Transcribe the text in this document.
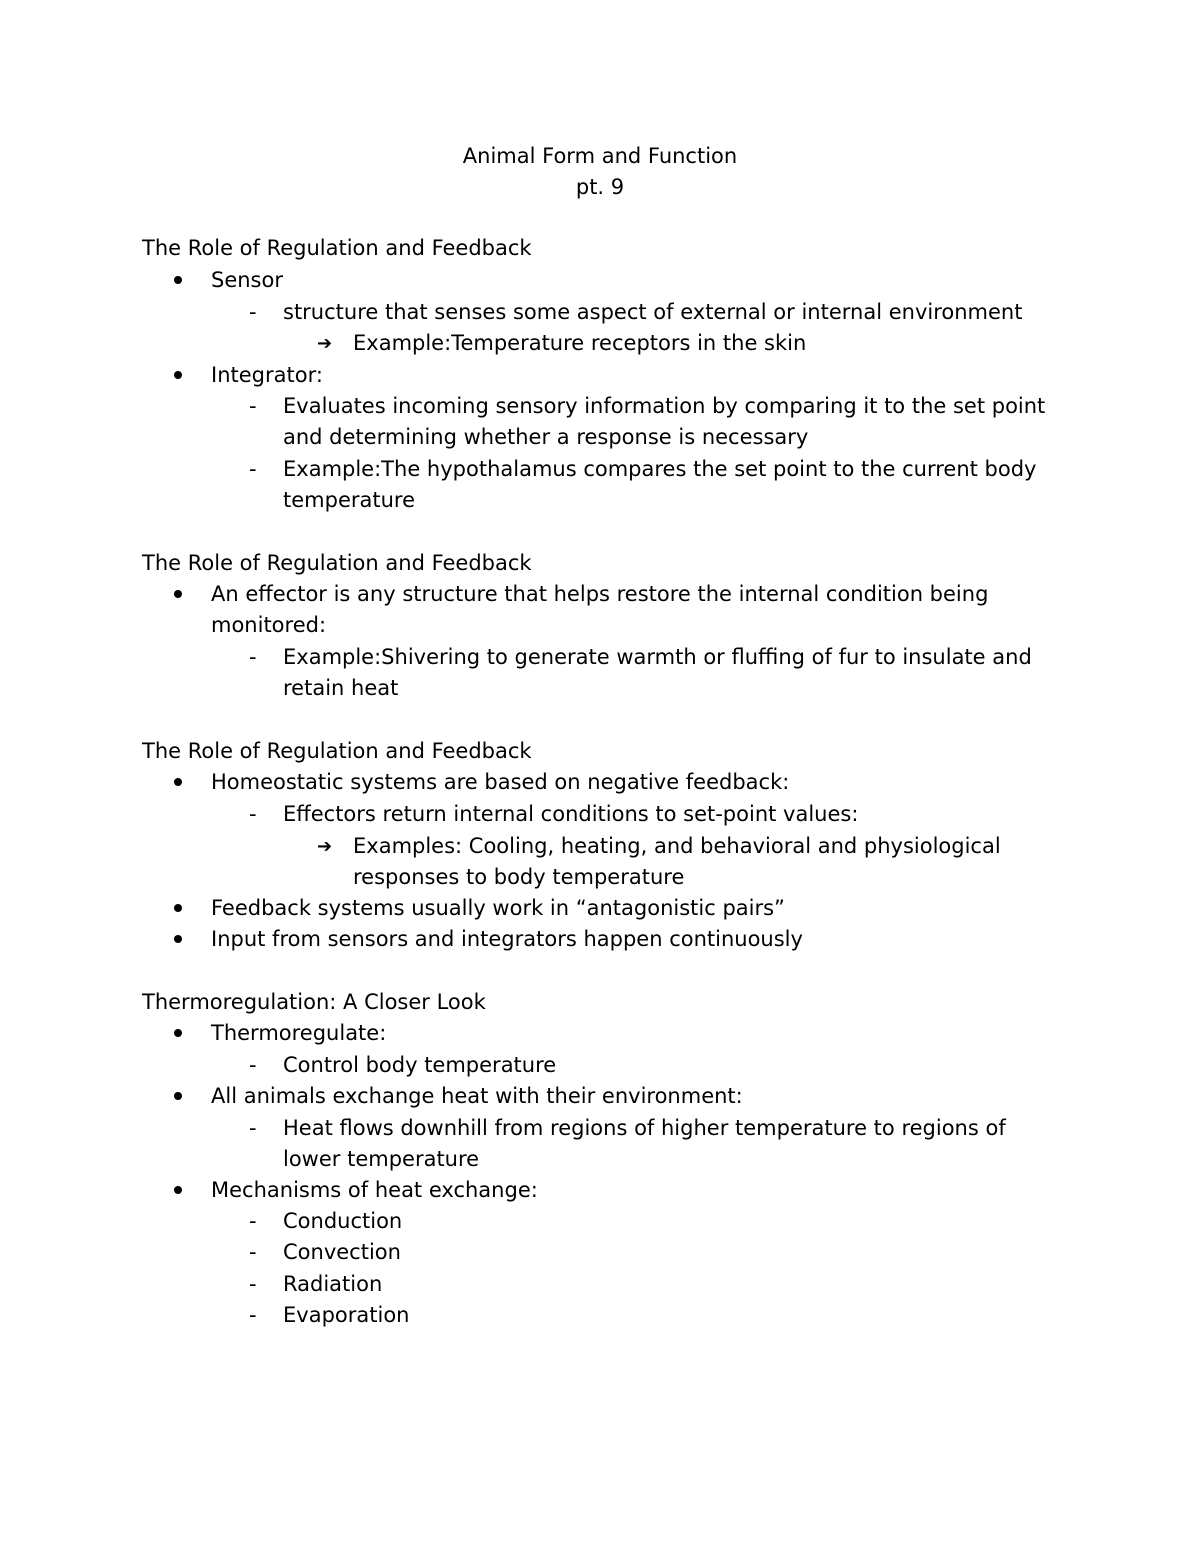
Animal Form and Function
pt. 9
The Role of Regulation and Feedback
Sensor
- structure that senses some aspect of external or internal environment
➔ Example:Temperature receptors in the skin
Integrator:
- Evaluates incoming sensory information by comparing it to the set point
and determining whether a response is necessary
- Example:The hypothalamus compares the set point to the current body
temperature
The Role of Regulation and Feedback
An effector is any structure that helps restore the internal condition being
monitored:
- Example:Shivering to generate warmth or fluffing of fur to insulate and
retain heat
The Role of Regulation and Feedback
Homeostatic systems are based on negative feedback:
- Effectors return internal conditions to set-point values:
➔ Examples: Cooling, heating, and behavioral and physiological
responses to body temperature
Feedback systems usually work in “antagonistic pairs”
Input from sensors and integrators happen continuously
Thermoregulation: A Closer Look
Thermoregulate:
- Control body temperature
All animals exchange heat with their environment:
- Heat flows downhill from regions of higher temperature to regions of
lower temperature
Mechanisms of heat exchange:
- Conduction
- Convection
- Radiation
- Evaporation
